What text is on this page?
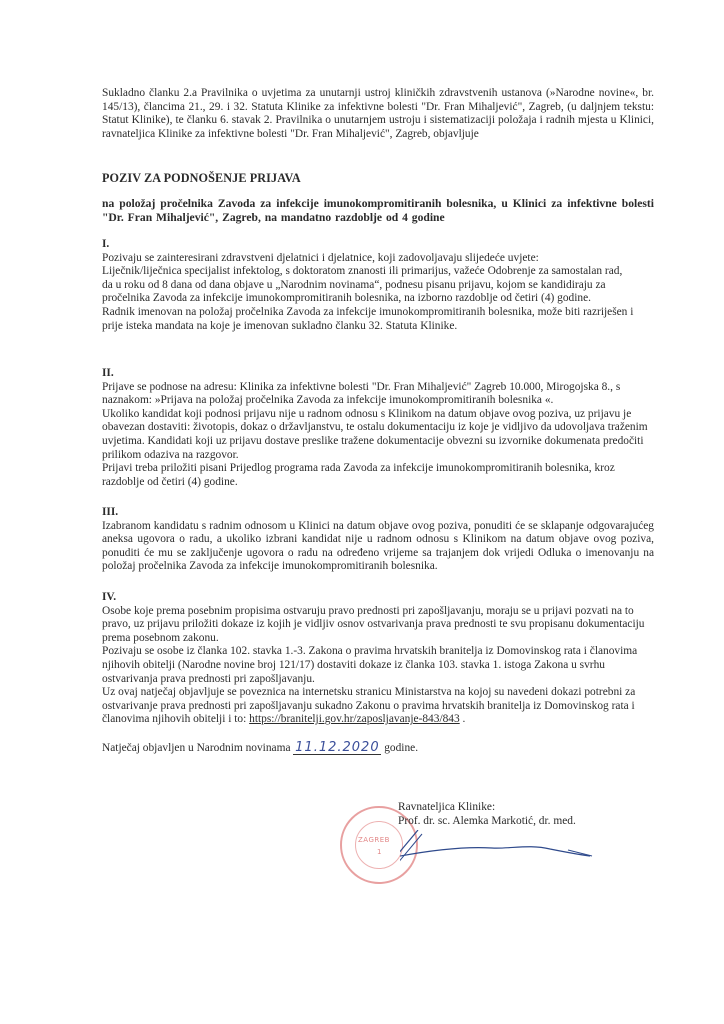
Sukladno članku 2.a Pravilnika o uvjetima za unutarnji ustroj kliničkih zdravstvenih ustanova (»Narodne novine«, br. 145/13), člancima 21., 29. i 32. Statuta Klinike za infektivne bolesti "Dr. Fran Mihaljević", Zagreb, (u daljnjem tekstu: Statut Klinike), te članku 6. stavak 2. Pravilnika o unutarnjem ustroju i sistematizaciji položaja i radnih mjesta u Klinici, ravnateljica Klinike za infektivne bolesti "Dr. Fran Mihaljević", Zagreb, objavljuje

POZIV ZA PODNOŠENJE PRIJAVA
na položaj pročelnika Zavoda za infekcije imunokompromitiranih bolesnika, u Klinici za infektivne bolesti "Dr. Fran Mihaljević", Zagreb, na mandatno razdoblje od 4 godine
I.

Pozivaju se zainteresirani zdravstveni djelatnici i djelatnice, koji zadovoljavaju slijedeće uvjete:

Liječnik/liječnica specijalist infektolog, s doktoratom znanosti ili primarijus, važeće Odobrenje za samostalan rad,

da u roku od 8 dana od dana objave u „Narodnim novinama“, podnesu pisanu prijavu, kojom se kandidiraju za pročelnika Zavoda za infekcije imunokompromitiranih bolesnika, na izborno razdoblje od četiri (4) godine.

Radnik imenovan na položaj pročelnika Zavoda za infekcije imunokompromitiranih bolesnika, može biti razriješen i prije isteka mandata na koje je imenovan sukladno članku 32. Statuta Klinike.

II.

Prijave se podnose na adresu: Klinika za infektivne bolesti "Dr. Fran Mihaljević" Zagreb 10.000, Mirogojska 8., s naznakom: »Prijava na položaj pročelnika Zavoda za infekcije imunokompromitiranih bolesnika «.

Ukoliko kandidat koji podnosi prijavu nije u radnom odnosu s Klinikom na datum objave ovog poziva, uz prijavu je obavezan dostaviti: životopis, dokaz o državljanstvu, te ostalu dokumentaciju iz koje je vidljivo da udovoljava traženim uvjetima. Kandidati koji uz prijavu dostave preslike tražene dokumentacije obvezni su izvornike dokumenata predočiti prilikom odaziva na razgovor.

Prijavi treba priložiti pisani Prijedlog programa rada Zavoda za infekcije imunokompromitiranih bolesnika, kroz razdoblje od četiri (4) godine.

III.

Izabranom kandidatu s radnim odnosom u Klinici na datum objave ovog poziva, ponuditi će se sklapanje odgovarajućeg aneksa ugovora o radu, a ukoliko izbrani kandidat nije u radnom odnosu s Klinikom na datum objave ovog poziva, ponuditi će mu se zaključenje ugovora o radu na određeno vrijeme sa trajanjem dok vrijedi Odluka o imenovanju na položaj pročelnika Zavoda za infekcije imunokompromitiranih bolesnika.

IV.

Osobe koje prema posebnim propisima ostvaruju pravo prednosti pri zapošljavanju, moraju se u prijavi pozvati na to pravo, uz prijavu priložiti dokaze iz kojih je vidljiv osnov ostvarivanja prava prednosti te svu propisanu dokumentaciju prema posebnom zakonu.

Pozivaju se osobe iz članka 102. stavka 1.-3. Zakona o pravima hrvatskih branitelja iz Domovinskog rata i članovima njihovih obitelji (Narodne novine broj 121/17) dostaviti dokaze iz članka 103. stavka 1. istoga Zakona u svrhu ostvarivanja prava prednosti pri zapošljavanju.

Uz ovaj natječaj objavljuje se poveznica na internetsku stranicu Ministarstva na kojoj su navedeni dokazi potrebni za ostvarivanje prava prednosti pri zapošljavanju sukadno Zakonu o pravima hrvatskih branitelja iz Domovinskog rata i članovima njihovih obitelji i to: https://branitelji.gov.hr/zaposljavanje-843/843 .

Natječaj objavljen u Narodnim novinama 11.12.2020 godine.
ZAGREB
1
Ravnateljica Klinike:
Prof. dr. sc. Alemka Markotić, dr. med.
